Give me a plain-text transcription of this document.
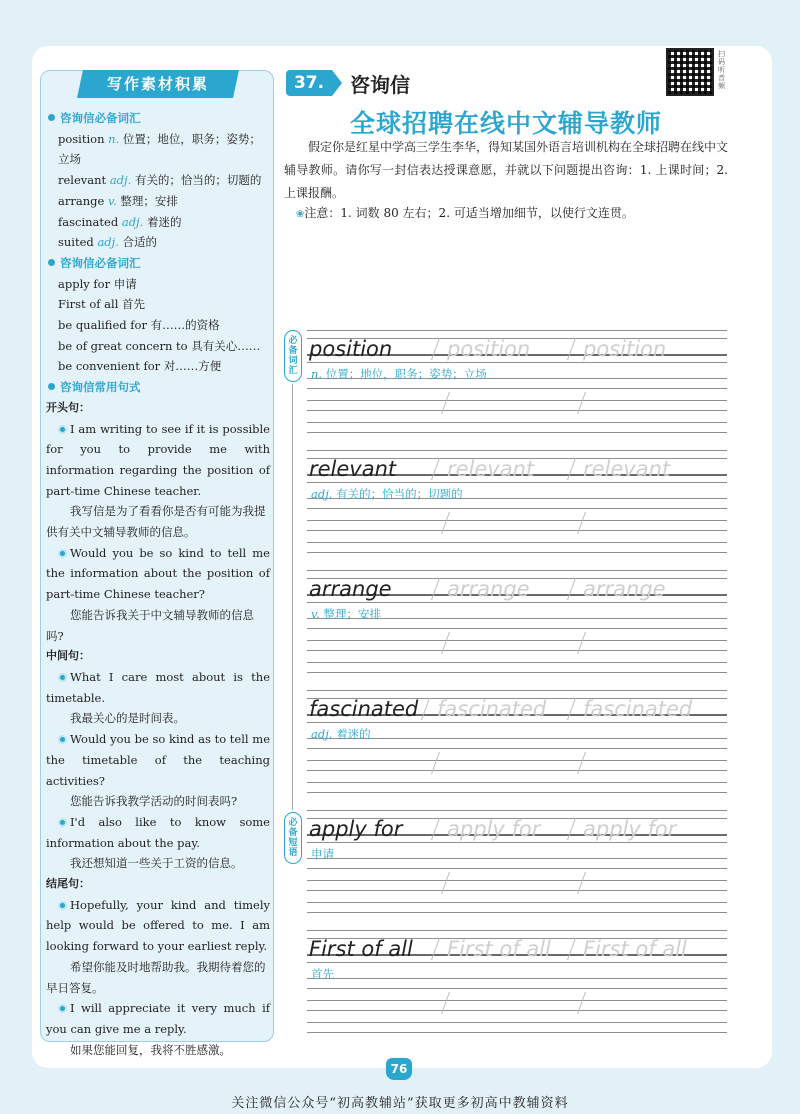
写作素材积累
咨询信必备词汇
position n. 位置；地位，职务；姿势；立场
relevant adj. 有关的；恰当的；切题的
arrange v. 整理；安排
fascinated adj. 着迷的
suited adj. 合适的
咨询信必备词汇
apply for 申请
First of all 首先
be qualified for 有……的资格
be of great concern to 具有关心……
be convenient for 对……方便
咨询信常用句式
开头句：
I am writing to see if it is possible for you to provide me with information regarding the position of part-time Chinese teacher.
我写信是为了看看你是否有可能为我提供有关中文辅导教师的信息。
Would you be so kind to tell me the information about the position of part-time Chinese teacher?
您能告诉我关于中文辅导教师的信息吗?
中间句：
What I care most about is the timetable.
我最关心的是时间表。
Would you be so kind as to tell me the timetable of the teaching activities?
您能告诉我教学活动的时间表吗?
I'd also like to know some information about the pay.
我还想知道一些关于工资的信息。
结尾句：
Hopefully, your kind and timely help would be offered to me. I am looking forward to your earliest reply.
希望你能及时地帮助我。我期待着您的早日答复。
I will appreciate it very much if you can give me a reply.
如果您能回复，我将不胜感激。
37.	咨询信
扫码听音频
全球招聘在线中文辅导教师
假定你是红星中学高三学生李华，得知某国外语言培训机构在全球招聘在线中文辅导教师。请你写一封信表达授课意愿，并就以下问题提出咨询：1. 上课时间；2. 上课报酬。
❀注意：1. 词数 80 左右；2. 可适当增加细节，以使行文连贯。
必备词汇
必备短语
position	position	position
n. 位置；地位，职务；姿势；立场
relevant relevant relevant
adj. 有关的；恰当的；切题的
arrange	arrange	arrange
v. 整理；安排
fascinated fascinated fascinated
adj. 着迷的
apply for apply for apply for
申请
First of all First of all First of all
首先
76
关注微信公众号“初高教辅站”获取更多初高中教辅资料
